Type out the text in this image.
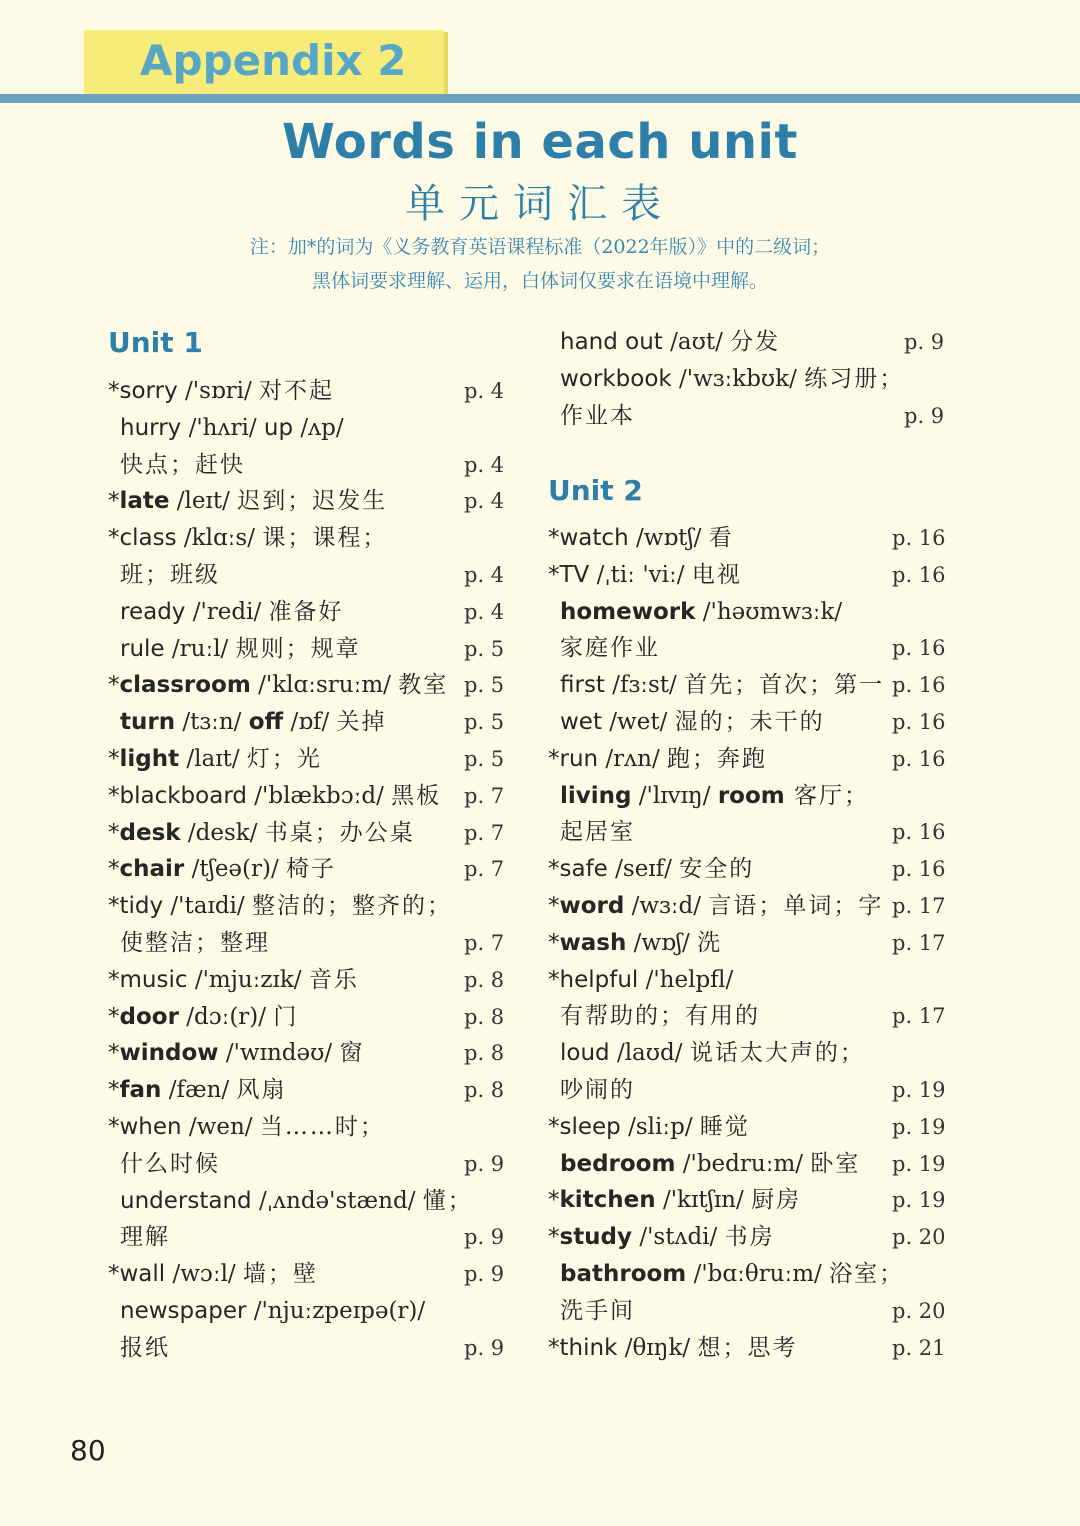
Appendix 2
Words in each unit
单元词汇表
注：加*的词为《义务教育英语课程标准（2022年版）》中的二级词；
黑体词要求理解、运用，白体词仅要求在语境中理解。
Unit 1
*sorry /'sɒri/ 对不起	p. 4
hurry /'hʌri/ up /ʌp/
快点；赶快	p. 4
*late /leɪt/ 迟到；迟发生	p. 4
*class /klɑːs/ 课；课程；
班；班级	p. 4
ready /'redi/ 准备好	p. 4
rule /ruːl/ 规则；规章	p. 5
*classroom /'klɑːsruːm/ 教室 p. 5
turn /tɜːn/ off /ɒf/ 关掉	p. 5
*light /laɪt/ 灯；光	p. 5
*blackboard /'blækbɔːd/ 黑板 p. 7
*desk /desk/ 书桌；办公桌 p. 7
*chair /tʃeə(r)/ 椅子	p. 7
*tidy /'taɪdi/ 整洁的；整齐的；
使整洁；整理	p. 7
*music /'mjuːzɪk/ 音乐	p. 8
*door /dɔː(r)/ 门	p. 8
*window /'wɪndəʊ/ 窗	p. 8
*fan /fæn/ 风扇	p. 8
*when /wen/ 当……时；
什么时候	p. 9
understand /ˌʌndə'stænd/ 懂；
理解	p. 9
*wall /wɔːl/ 墙；壁	p. 9
newspaper /'njuːzpeɪpə(r)/
报纸	p. 9
hand out /aʊt/ 分发	p. 9
workbook /'wɜːkbʊk/ 练习册；
作业本	p. 9
Unit 2
*watch /wɒtʃ/ 看	p. 16
*TV /ˌtiː 'viː/ 电视	p. 16
homework /'həʊmwɜːk/
家庭作业	p. 16
first /fɜːst/ 首先；首次；第一 p. 16
wet /wet/ 湿的；未干的	p. 16
*run /rʌn/ 跑；奔跑	p. 16
living /'lɪvɪŋ/ room 客厅；
起居室	p. 16
*safe /seɪf/ 安全的	p. 16
*word /wɜːd/ 言语；单词；字 p. 17
*wash /wɒʃ/ 洗	p. 17
*helpful /'helpfl/
有帮助的；有用的	p. 17
loud /laʊd/ 说话太大声的；
吵闹的	p. 19
*sleep /sliːp/ 睡觉	p. 19
bedroom /'bedruːm/ 卧室 p. 19
*kitchen /'kɪtʃɪn/ 厨房	p. 19
*study /'stʌdi/ 书房	p. 20
bathroom /'bɑːθruːm/ 浴室；
洗手间	p. 20
*think /θɪŋk/ 想；思考	p. 21
80
